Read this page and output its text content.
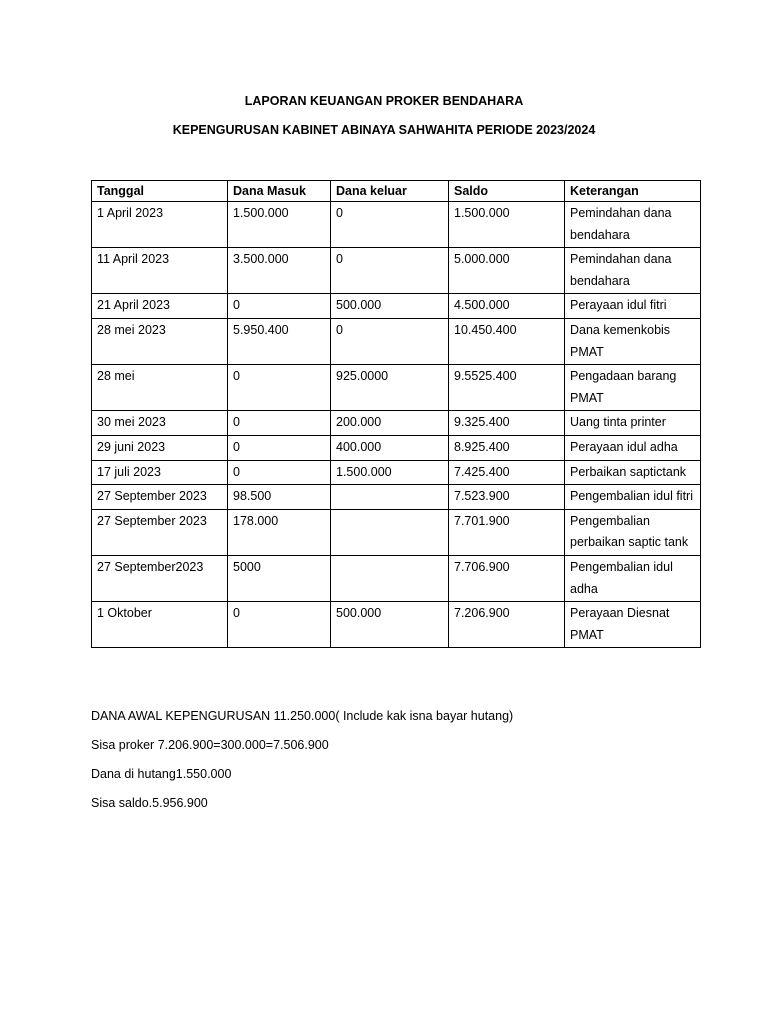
LAPORAN KEUANGAN PROKER BENDAHARA
KEPENGURUSAN KABINET ABINAYA SAHWAHITA PERIODE 2023/2024
Tanggal	Dana Masuk	Dana keluar	Saldo	Keterangan
1 April 2023	1.500.000	0	1.500.000	Pemindahan dana bendahara
11 April 2023	3.500.000	0	5.000.000	Pemindahan dana bendahara
21 April 2023	0	500.000	4.500.000	Perayaan idul fitri
28 mei 2023	5.950.400	0	10.450.400	Dana kemenkobis PMAT
28 mei	0	925.0000	9.5525.400	Pengadaan barang PMAT
30 mei 2023	0	200.000	9.325.400	Uang tinta printer
29 juni 2023	0	400.000	8.925.400	Perayaan idul adha
17 juli 2023	0	1.500.000	7.425.400	Perbaikan saptictank
27 September 2023	98.500		7.523.900	Pengembalian idul fitri
27 September 2023	178.000		7.701.900	Pengembalian perbaikan saptic tank
27 September2023	5000		7.706.900	Pengembalian idul adha
1 Oktober	0	500.000	7.206.900	Perayaan Diesnat PMAT

DANA AWAL KEPENGURUSAN 11.250.000( Include kak isna bayar hutang)

Sisa proker 7.206.900=300.000=7.506.900

Dana di hutang1.550.000

Sisa saldo.5.956.900
